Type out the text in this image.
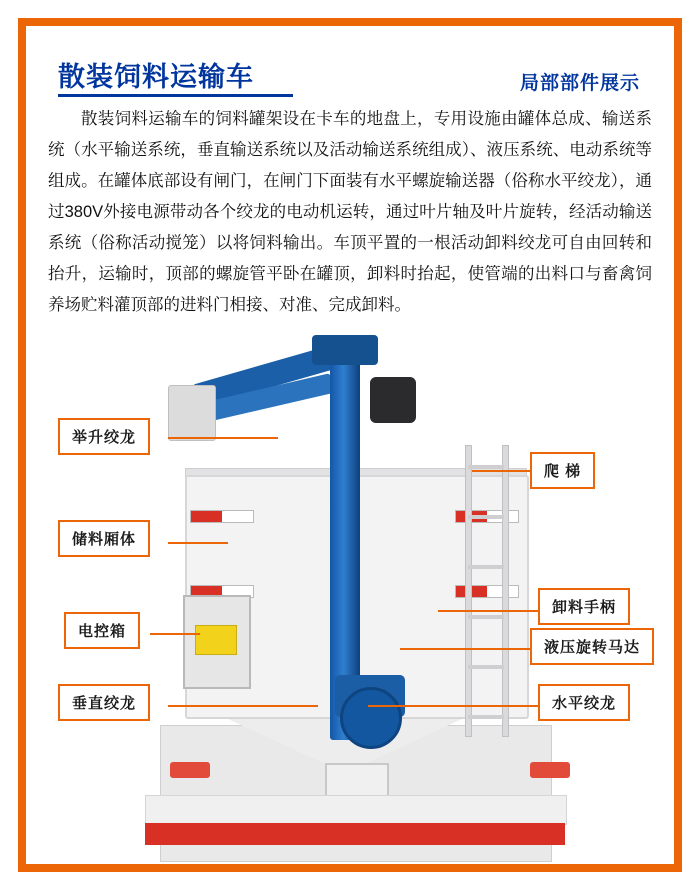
散装饲料运输车	局部部件展示
散装饲料运输车的饲料罐架设在卡车的地盘上，专用设施由罐体总成、输送系统（水平输送系统，垂直输送系统以及活动输送系统组成）、液压系统、电动系统等组成。在罐体底部设有闸门，在闸门下面装有水平螺旋输送器（俗称水平绞龙），通过380V外接电源带动各个绞龙的电动机运转，通过叶片轴及叶片旋转，经活动输送系统（俗称活动搅笼）以将饲料输出。车顶平置的一根活动卸料绞龙可自由回转和抬升，运输时，顶部的螺旋管平卧在罐顶，卸料时抬起，使管端的出料口与畜禽饲养场贮料灌顶部的进料门相接、对准、完成卸料。
举升绞龙
储料厢体
电控箱
垂直绞龙
爬 梯
卸料手柄
液压旋转马达
水平绞龙
